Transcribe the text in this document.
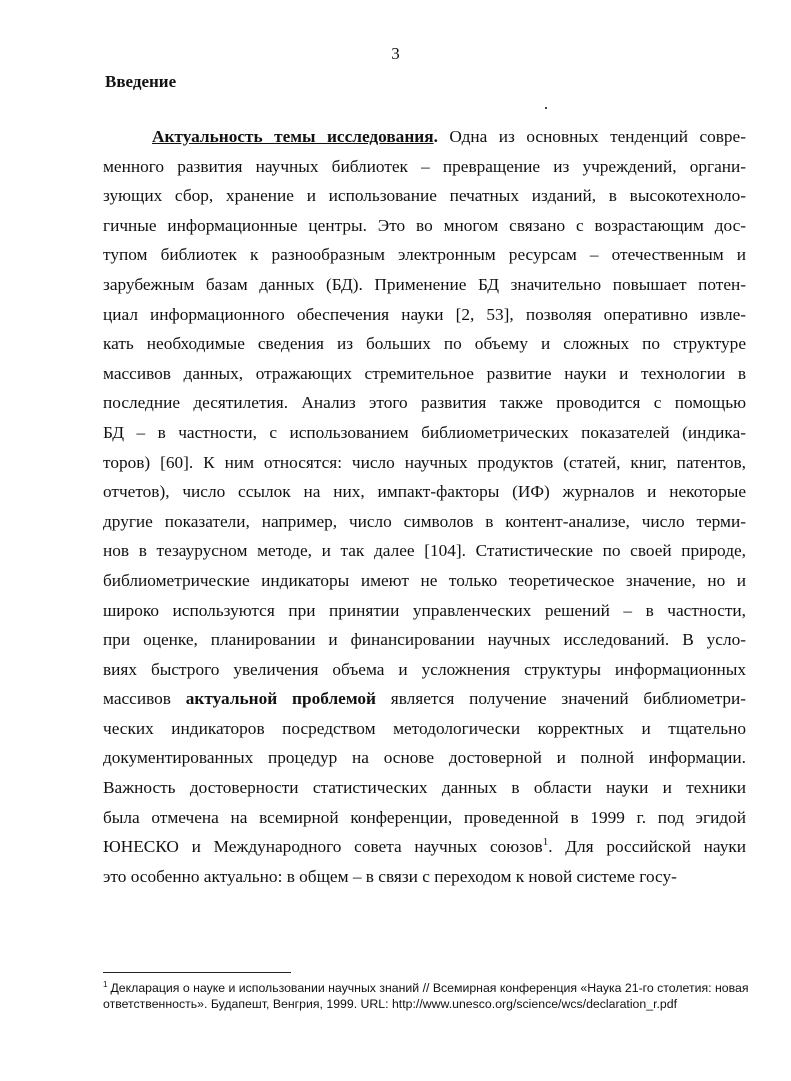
3
Введение
Актуальность темы исследования. Одна из основных тенденций совре-
менного развития научных библиотек – превращение из учреждений, органи-
зующих сбор, хранение и использование печатных изданий, в высокотехноло-
гичные информационные центры. Это во многом связано с возрастающим дос-
тупом библиотек к разнообразным электронным ресурсам – отечественным и
зарубежным базам данных (БД). Применение БД значительно повышает потен-
циал информационного обеспечения науки [2, 53], позволяя оперативно извле-
кать необходимые сведения из больших по объему и сложных по структуре
массивов данных, отражающих стремительное развитие науки и технологии в
последние десятилетия. Анализ этого развития также проводится с помощью
БД – в частности, с использованием библиометрических показателей (индика-
торов) [60]. К ним относятся: число научных продуктов (статей, книг, патентов,
отчетов), число ссылок на них, импакт-факторы (ИФ) журналов и некоторые
другие показатели, например, число символов в контент-анализе, число терми-
нов в тезаурусном методе, и так далее [104]. Статистические по своей природе,
библиометрические индикаторы имеют не только теоретическое значение, но и
широко используются при принятии управленческих решений – в частности,
при оценке, планировании и финансировании научных исследований. В усло-
виях быстрого увеличения объема и усложнения структуры информационных
массивов актуальной проблемой является получение значений библиометри-
ческих индикаторов посредством методологически корректных и тщательно
документированных процедур на основе достоверной и полной информации.
Важность достоверности статистических данных в области науки и техники
была отмечена на всемирной конференции, проведенной в 1999 г. под эгидой
ЮНЕСКО и Международного совета научных союзов$^1$. Для российской науки
это особенно актуально: в общем – в связи с переходом к новой системе госу-
$^1$ Декларация о науке и использовании научных знаний // Всемирная конференция «Наука 21-го столетия: новая ответственность». Будапешт, Венгрия, 1999. URL: http://www.unesco.org/science/wcs/declaration_r.pdf
